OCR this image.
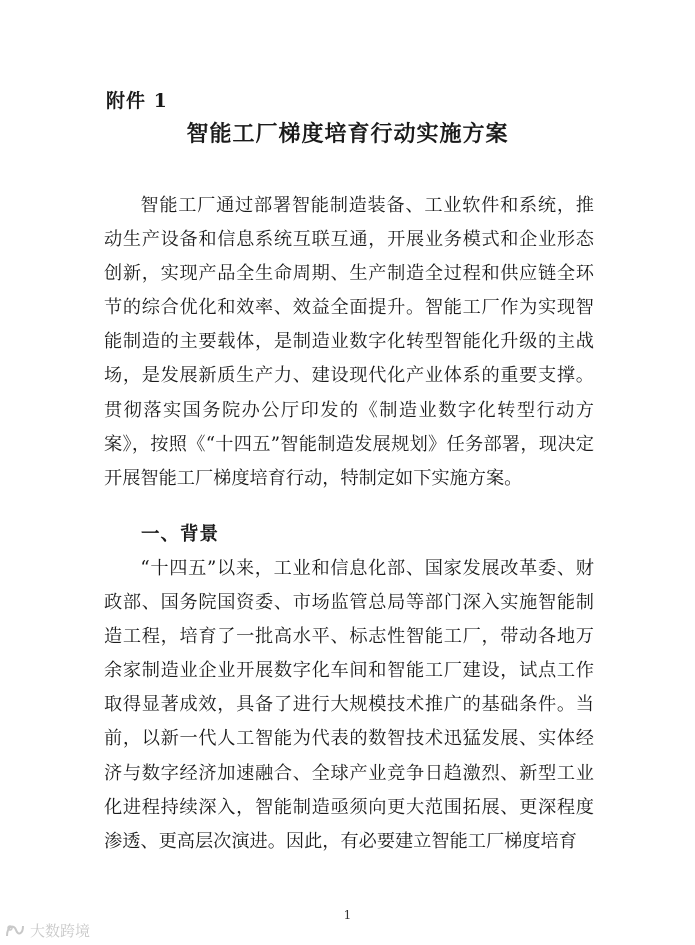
附件 1
智能工厂梯度培育行动实施方案

智能工厂通过部署智能制造装备、工业软件和系统，推动生产设备和信息系统互联互通，开展业务模式和企业形态创新，实现产品全生命周期、生产制造全过程和供应链全环节的综合优化和效率、效益全面提升。智能工厂作为实现智能制造的主要载体，是制造业数字化转型智能化升级的主战场，是发展新质生产力、建设现代化产业体系的重要支撑。贯彻落实国务院办公厅印发的《制造业数字化转型行动方案》，按照《“十四五”智能制造发展规划》任务部署，现决定开展智能工厂梯度培育行动，特制定如下实施方案。

一、背景

“十四五”以来，工业和信息化部、国家发展改革委、财政部、国务院国资委、市场监管总局等部门深入实施智能制造工程，培育了一批高水平、标志性智能工厂，带动各地万余家制造业企业开展数字化车间和智能工厂建设，试点工作取得显著成效，具备了进行大规模技术推广的基础条件。当前，以新一代人工智能为代表的数智技术迅猛发展、实体经济与数字经济加速融合、全球产业竞争日趋激烈、新型工业化进程持续深入，智能制造亟须向更大范围拓展、更深程度渗透、更高层次演进。因此，有必要建立智能工厂梯度培育

1
大数跨境
